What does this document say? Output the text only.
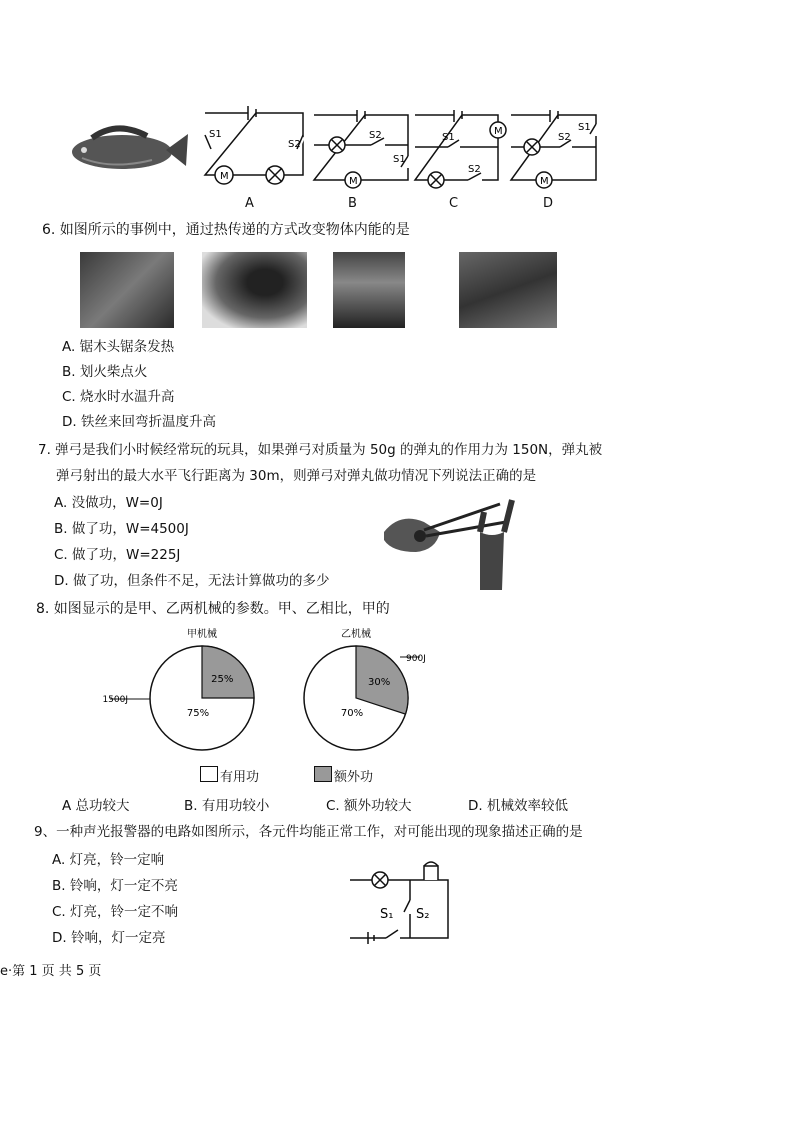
M
S1
S2
M
S2
S1
M
S1
S2
M
S2
S1
A	B	C	D
6. 如图所示的事例中，通过热传递的方式改变物体内能的是
A. 锯木头锯条发热
B. 划火柴点火
C. 烧水时水温升高
D. 铁丝来回弯折温度升高
7. 弹弓是我们小时候经常玩的玩具，如果弹弓对质量为 50g 的弹丸的作用力为 150N，弹丸被
弹弓射出的最大水平飞行距离为 30m，则弹弓对弹丸做功情况下列说法正确的是
A. 没做功，W=0J
B. 做了功，W=4500J
C. 做了功，W=225J
D. 做了功，但条件不足，无法计算做功的多少
8. 如图显示的是甲、乙两机械的参数。甲、乙相比，甲的
25%
75%
甲机械
1500J
30%
70%
乙机械
900J
有用功	额外功
A 总功较大	B. 有用功较小	C. 额外功较大	D. 机械效率较低
9、一种声光报警器的电路如图所示，各元件均能正常工作，对可能出现的现象描述正确的是
A. 灯亮，铃一定响
B. 铃响，灯一定不亮
C. 灯亮，铃一定不响
D. 铃响，灯一定亮
S₁ S₂
e·第 1 页 共 5 页
